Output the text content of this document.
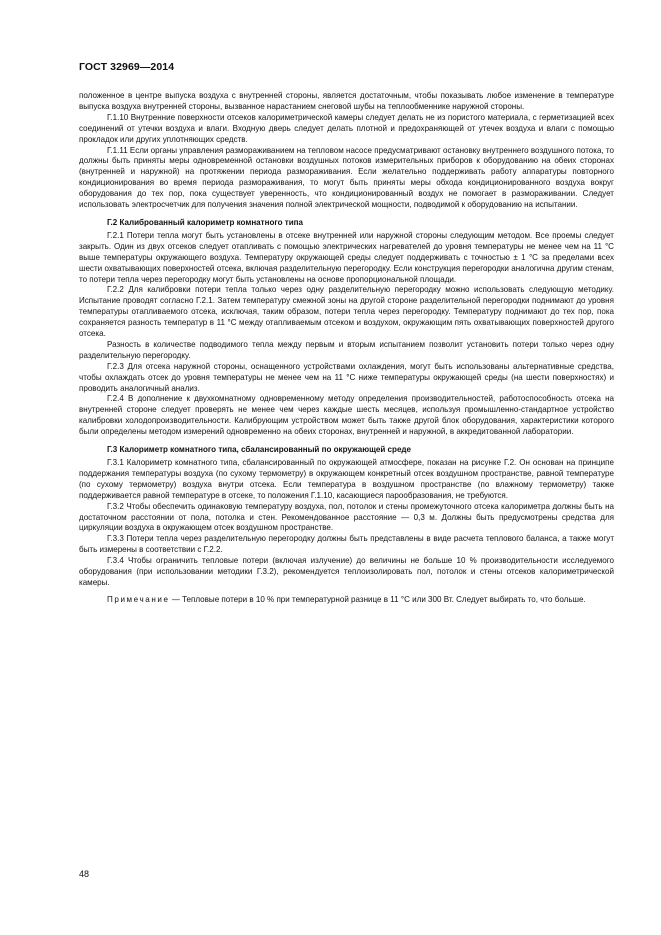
ГОСТ 32969—2014

положенное в центре выпуска воздуха с внутренней стороны, является достаточным, чтобы показывать любое изменение в температуре выпуска воздуха внутренней стороны, вызванное нарастанием снеговой шубы на теплообменнике наружной стороны.

Г.1.10 Внутренние поверхности отсеков калориметрической камеры следует делать не из пористого материала, с герметизацией всех соединений от утечки воздуха и влаги. Входную дверь следует делать плотной и предохраняющей от утечек воздуха и влаги с помощью прокладок или других уплотняющих средств.

Г.1.11 Если органы управления размораживанием на тепловом насосе предусматривают остановку внутреннего воздушного потока, то должны быть приняты меры одновременной остановки воздушных потоков измерительных приборов к оборудованию на обеих сторонах (внутренней и наружной) на протяжении периода размораживания. Если желательно поддерживать работу аппаратуры повторного кондиционирования во время периода размораживания, то могут быть приняты меры обхода кондиционированного воздуха вокруг оборудования до тех пор, пока существует уверенность, что кондиционированный воздух не помогает в размораживании. Следует использовать электросчетчик для получения значения полной электрической мощности, подводимой к оборудованию на испытании.

Г.2 Калиброванный калориметр комнатного типа

Г.2.1 Потери тепла могут быть установлены в отсеке внутренней или наружной стороны следующим методом. Все проемы следует закрыть. Один из двух отсеков следует отапливать с помощью электрических нагревателей до уровня температуры не менее чем на 11 °С выше температуры окружающего воздуха. Температуру окружающей среды следует поддерживать с точностью ± 1 °С за пределами всех шести охватывающих поверхностей отсека, включая разделительную перегородку. Если конструкция перегородки аналогична другим стенам, то потери тепла через перегородку могут быть установлены на основе пропорциональной площади.

Г.2.2 Для калибровки потери тепла только через одну разделительную перегородку можно использовать следующую методику. Испытание проводят согласно Г.2.1. Затем температуру смежной зоны на другой стороне разделительной перегородки поднимают до уровня температуры отапливаемого отсека, исключая, таким образом, потери тепла через перегородку. Температуру поднимают до тех пор, пока сохраняется разность температур в 11 °С между отапливаемым отсеком и воздухом, окружающим пять охватывающих поверхностей другого отсека.

Разность в количестве подводимого тепла между первым и вторым испытанием позволит установить потери только через одну разделительную перегородку.

Г.2.3 Для отсека наружной стороны, оснащенного устройствами охлаждения, могут быть использованы альтернативные средства, чтобы охлаждать отсек до уровня температуры не менее чем на 11 °С ниже температуры окружающей среды (на шести поверхностях) и проводить аналогичный анализ.

Г.2.4 В дополнение к двухкомнатному одновременному методу определения производительностей, работоспособность отсека на внутренней стороне следует проверять не менее чем через каждые шесть месяцев, используя промышленно-стандартное устройство калибровки холодопроизводительности. Калибрующим устройством может быть также другой блок оборудования, характеристики которого были определены методом измерений одновременно на обеих сторонах, внутренней и наружной, в аккредитованной лаборатории.

Г.3 Калориметр комнатного типа, сбалансированный по окружающей среде

Г.3.1 Калориметр комнатного типа, сбалансированный по окружающей атмосфере, показан на рисунке Г.2. Он основан на принципе поддержания температуры воздуха (по сухому термометру) в окружающем конкретный отсек воздушном пространстве, равной температуре (по сухому термометру) воздуха внутри отсека. Если температура в воздушном пространстве (по влажному термометру) также поддерживается равной температуре в отсеке, то положения Г.1.10, касающиеся парообразования, не требуются.

Г.3.2 Чтобы обеспечить одинаковую температуру воздуха, пол, потолок и стены промежуточного отсека калориметра должны быть на достаточном расстоянии от пола, потолка и стен. Рекомендованное расстояние — 0,3 м. Должны быть предусмотрены средства для циркуляции воздуха в окружающем отсек воздушном пространстве.

Г.3.3 Потери тепла через разделительную перегородку должны быть представлены в виде расчета теплового баланса, а также могут быть измерены в соответствии с Г.2.2.

Г.3.4 Чтобы ограничить тепловые потери (включая излучение) до величины не больше 10 % производительности исследуемого оборудования (при использовании методики Г.3.2), рекомендуется теплоизолировать пол, потолок и стены отсеков калориметрической камеры.

Примечание — Тепловые потери в 10 % при температурной разнице в 11 °С или 300 Вт. Следует выбирать то, что больше.

48
